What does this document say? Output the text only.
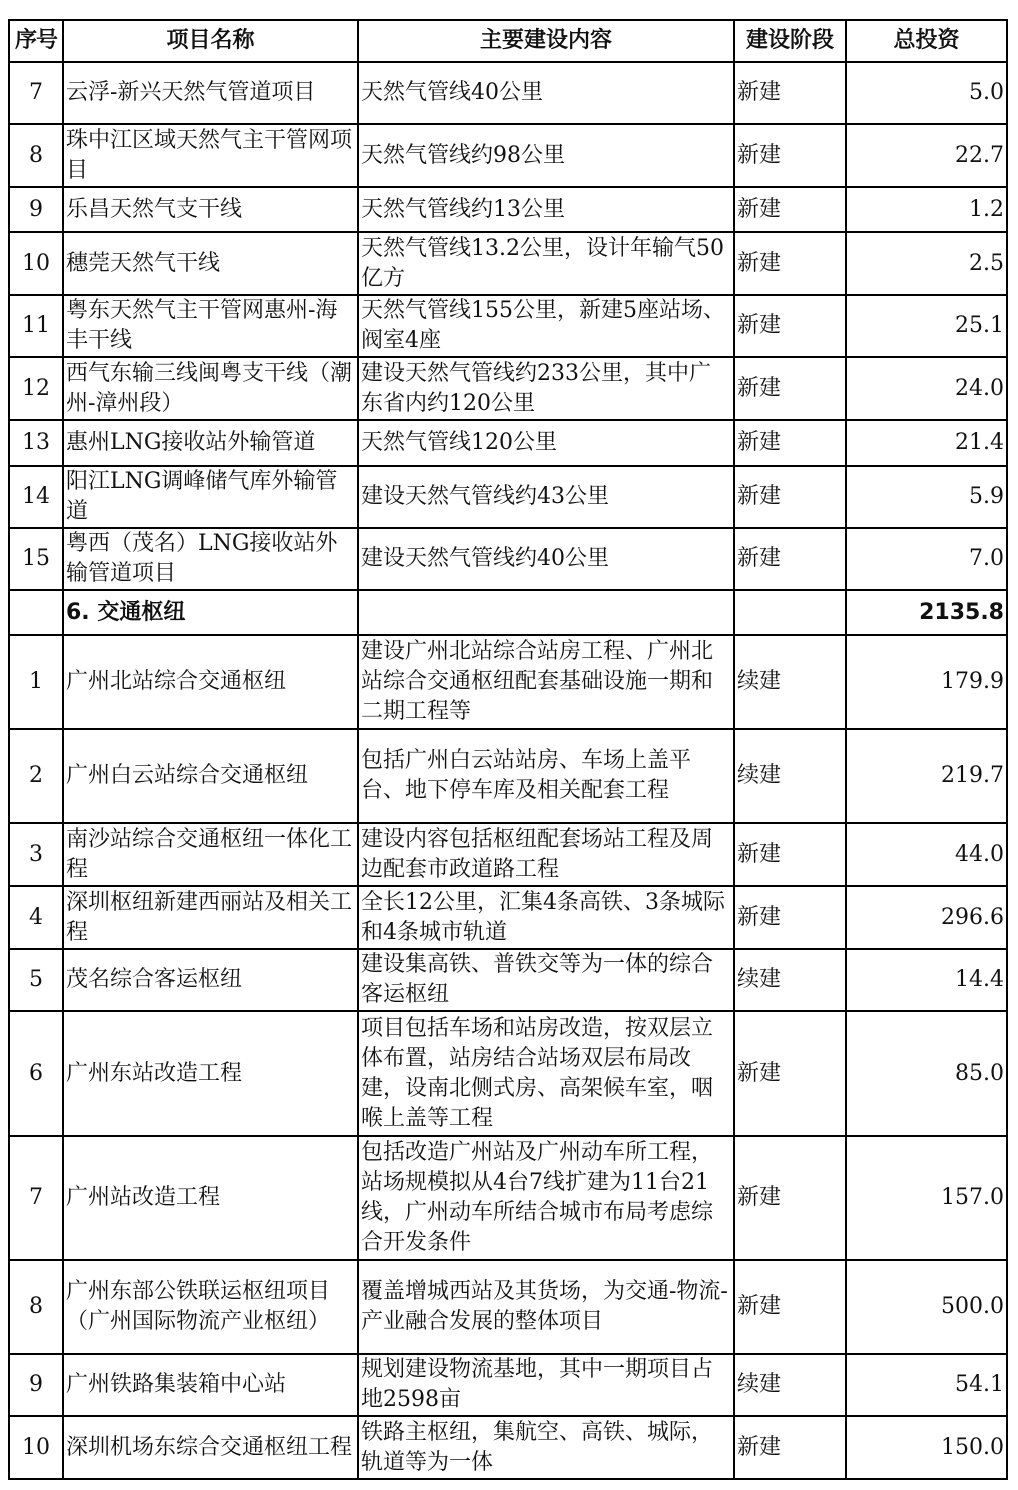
序号	项目名称	主要建设内容	建设阶段	总投资
7	云浮-新兴天然气管道项目	天然气管线40公里	新建	5.0
8	珠中江区域天然气主干管网项目	天然气管线约98公里	新建	22.7
9	乐昌天然气支干线	天然气管线约13公里	新建	1.2
10	穗莞天然气干线	天然气管线13.2公里，设计年输气50亿方	新建	2.5
11	粤东天然气主干管网惠州-海丰干线	天然气管线155公里，新建5座站场、阀室4座	新建	25.1
12	西气东输三线闽粤支干线（潮州-漳州段）	建设天然气管线约233公里，其中广东省内约120公里	新建	24.0
13	惠州LNG接收站外输管道	天然气管线120公里	新建	21.4
14	阳江LNG调峰储气库外输管道	建设天然气管线约43公里	新建	5.9
15	粤西（茂名）LNG接收站外输管道项目	建设天然气管线约40公里	新建	7.0
	6. 交通枢纽			2135.8
1	广州北站综合交通枢纽	建设广州北站综合站房工程、广州北站综合交通枢纽配套基础设施一期和二期工程等	续建	179.9
2	广州白云站综合交通枢纽	包括广州白云站站房、车场上盖平台、地下停车库及相关配套工程	续建	219.7
3	南沙站综合交通枢纽一体化工程	建设内容包括枢纽配套场站工程及周边配套市政道路工程	新建	44.0
4	深圳枢纽新建西丽站及相关工程	全长12公里，汇集4条高铁、3条城际和4条城市轨道	新建	296.6
5	茂名综合客运枢纽	建设集高铁、普铁交等为一体的综合客运枢纽	续建	14.4
6	广州东站改造工程	项目包括车场和站房改造，按双层立体布置，站房结合站场双层布局改建，设南北侧式房、高架候车室，咽喉上盖等工程	新建	85.0
7	广州站改造工程	包括改造广州站及广州动车所工程，站场规模拟从4台7线扩建为11台21线，广州动车所结合城市布局考虑综合开发条件	新建	157.0
8	广州东部公铁联运枢纽项目（广州国际物流产业枢纽）	覆盖增城西站及其货场，为交通-物流-产业融合发展的整体项目	新建	500.0
9	广州铁路集装箱中心站	规划建设物流基地，其中一期项目占地2598亩	续建	54.1
10	深圳机场东综合交通枢纽工程	铁路主枢纽，集航空、高铁、城际，轨道等为一体	新建	150.0
